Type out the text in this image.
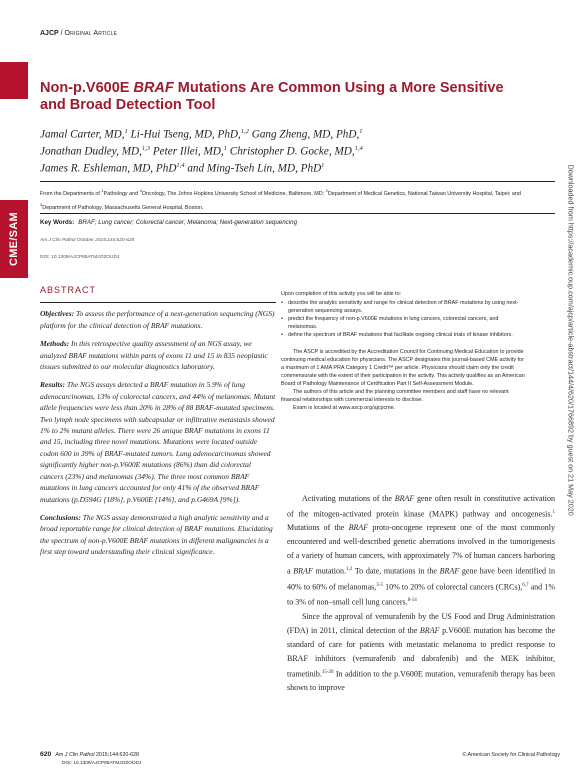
AJCP / Original Article
CME/SAM
Non-p.V600E BRAF Mutations Are Common Using a More Sensitive and Broad Detection Tool
Jamal Carter, MD,$^1$ Li-Hui Tseng, MD, PhD,$^{1,2}$ Gang Zheng, MD, PhD,$^1$
Jonathan Dudley, MD,$^{1,3}$ Peter Illei, MD,$^1$ Christopher D. Gocke, MD,$^{1,4}$
James R. Eshleman, MD, PhD$^{1,4}$ and Ming-Tseh Lin, MD, PhD$^1$
From the Departments of $^1$Pathology and $^4$Oncology, The Johns Hopkins University School of Medicine, Baltimore, MD; $^2$Department of Medical Genetics, National Taiwan University Hospital, Taipei; and $^3$Department of Pathology, Massachusetts General Hospital, Boston.
Key Words: BRAF; Lung cancer; Colorectal cancer; Melanoma; Next-generation sequencing
Am J Clin Pathol October 2015;144:620-628
DOI: 10.1309/AJCP85ATMJOZOUDJ
ABSTRACT

Objectives: To assess the performance of a next-generation sequencing (NGS) platform for the clinical detection of BRAF mutations.

Methods: In this retrospective quality assessment of an NGS assay, we analyzed BRAF mutations within parts of exons 11 and 15 in 835 neoplastic tissues submitted to our molecular diagnostics laboratory.

Results: The NGS assays detected a BRAF mutation in 5.9% of lung adenocarcinomas, 13% of colorectal cancers, and 44% of melanomas. Mutant allele frequencies were less than 20% in 28% of 88 BRAF-mutated specimens. Two lymph node specimens with subcapsular or infiltrative metastasis showed 1% to 2% mutant alleles. There were 26 unique BRAF mutations in exons 11 and 15, including three novel mutations. Mutations were located outside codon 600 in 39% of BRAF-mutated tumors. Lung adenocarcinomas showed significantly higher non-p.V600E mutations (86%) than did colorectal cancers (23%) and melanomas (34%). The three most common BRAF mutations in lung cancers accounted for only 41% of the observed BRAF mutations (p.D594G [18%], p.V600E [14%], and p.G469A [9%]).

Conclusions: The NGS assay demonstrated a high analytic sensitivity and a broad reportable range for clinical detection of BRAF mutations. Elucidating the spectrum of non-p.V600E BRAF mutations in different malignancies is a first step toward understanding their clinical significance.

Upon completion of this activity you will be able to:
• describe the analytic sensitivity and range for clinical detection of BRAF mutations by using next-generation sequencing assays.
• predict the frequency of non-p.V600E mutations in lung cancers, colorectal cancers, and melanomas.
• define the spectrum of BRAF mutations that facilitate ongoing clinical trials of kinase inhibitors.

The ASCP is accredited by the Accreditation Council for Continuing Medical Education to provide continuing medical education for physicians. The ASCP designates this journal-based CME activity for a maximum of 1 AMA PRA Category 1 Credit™ per article. Physicians should claim only the credit commensurate with the extent of their participation in the activity. This activity qualifies as an American Board of Pathology Maintenance of Certification Part II Self-Assessment Module.

The authors of this article and the planning committee members and staff have no relevant financial relationships with commercial interests to disclose.

Exam is located at www.ascp.org/ajcpcme.

Activating mutations of the BRAF gene often result in constitutive activation of the mitogen-activated protein kinase (MAPK) pathway and oncogenesis.$^1$ Mutations of the BRAF proto-oncogene represent one of the most commonly encountered and well-described genetic aberrations involved in the tumorigenesis of a variety of human cancers, with approximately 7% of human cancers harboring a BRAF mutation.$^{1,2}$ To date, mutations in the BRAF gene have been identified in 40% to 60% of melanomas,$^{3-5}$ 10% to 20% of colorectal cancers (CRCs),$^{6,7}$ and 1% to 3% of non–small cell lung cancers.$^{8-14}$

Since the approval of vemurafenib by the US Food and Drug Administration (FDA) in 2011, clinical detection of the BRAF p.V600E mutation has become the standard of care for patients with metastatic melanoma to predict response to BRAF inhibitors (vemurafenib and dabrafenib) and the MEK inhibitor, trametinib.$^{15-20}$ In addition to the p.V600E mutation, vemurafenib therapy has been shown to improve

Downloaded from https://academic.oup.com/ajcp/article-abstract/144/4/620/1766892 by guest on 21 May 2020
620 Am J Clin Pathol 2015;144:620-628	© American Society for Clinical Pathology
DOI: 10.1309/AJCP85ATMJOZOUDJ
